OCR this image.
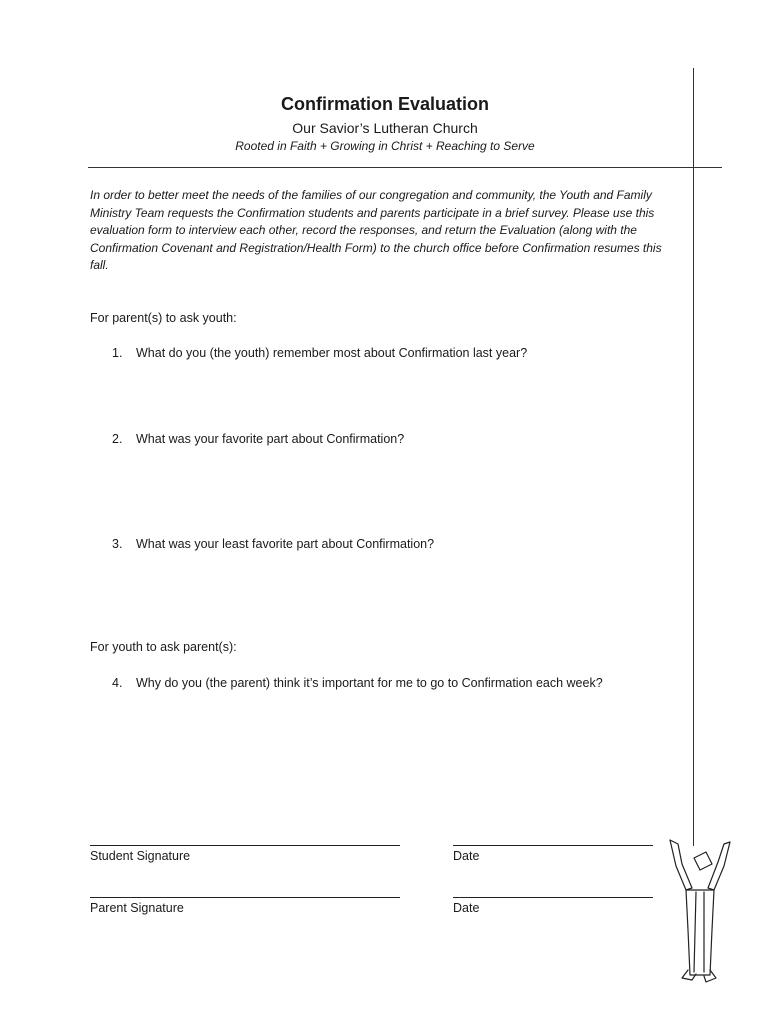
Confirmation Evaluation
Our Savior’s Lutheran Church
Rooted in Faith + Growing in Christ + Reaching to Serve
In order to better meet the needs of the families of our congregation and community, the Youth and Family Ministry Team requests the Confirmation students and parents participate in a brief survey. Please use this evaluation form to interview each other, record the responses, and return the Evaluation (along with the Confirmation Covenant and Registration/Health Form) to the church office before Confirmation resumes this fall.
For parent(s) to ask youth:
1. What do you (the youth) remember most about Confirmation last year?
2. What was your favorite part about Confirmation?
3. What was your least favorite part about Confirmation?
For youth to ask parent(s):
4. Why do you (the parent) think it’s important for me to go to Confirmation each week?
Student Signature	Date
Parent Signature	Date
